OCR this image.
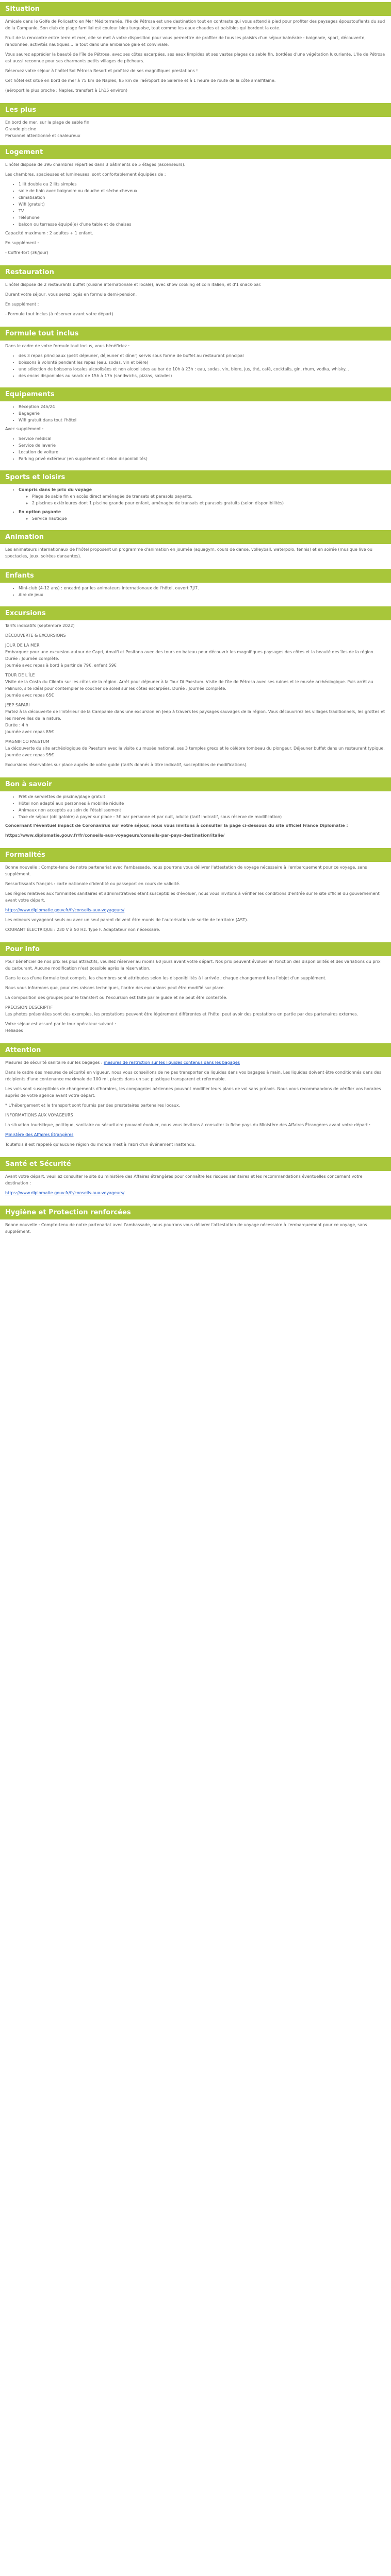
Situation

Amicale dans le Golfe de Policastro en Mer Méditerranée, l'Ile de Pétrosa est une destination tout en contraste qui vous attend à pied pour profiter des paysages époustouflants du sud de la Campanie. Son club de plage familial est couleur bleu turquoise, tout comme les eaux chaudes et paisibles qui bordent la cote.

Fruit de la rencontre entre terre et mer, elle se met à votre disposition pour vous permettre de profiter de tous les plaisirs d'un séjour balnéaire : baignade, sport, découverte, randonnée, activités nautiques... le tout dans une ambiance gaie et conviviale.

Vous saurez apprécier la beauté de l'île de Pétrosa, avec ses côtes escarpées, ses eaux limpides et ses vastes plages de sable fin, bordées d'une végétation luxuriante. L'Ile de Pétrosa est aussi reconnue pour ses charmants petits villages de pêcheurs.

Réservez votre séjour à l'hôtel Sol Pétrosa Resort et profitez de ses magnifiques prestations !

Cet hôtel est situé en bord de mer à 75 km de Naples, 85 km de l'aéroport de Salerne et à 1 heure de route de la côte amalfitaine.

(aéroport le plus proche : Naples, transfert à 1h15 environ)

Les plus
En bord de mer, sur la plage de sable fin
Grande piscine
Personnel attentionné et chaleureux
Logement

L'hôtel dispose de 396 chambres réparties dans 3 bâtiments de 5 étages (ascenseurs).

Les chambres, spacieuses et lumineuses, sont confortablement équipées de :

• 1 lit double ou 2 lits simples
• salle de bain avec baignoire ou douche et sèche-cheveux
• climatisation
• Wifi (gratuit)
• TV
• Téléphone
• balcon ou terrasse équipé(e) d'une table et de chaises

Capacité maximum : 2 adultes + 1 enfant.

En supplément :

- Coffre-fort (3€/jour)

Restauration

L'hôtel dispose de 2 restaurants buffet (cuisine internationale et locale), avec show cooking et coin italien, et d'1 snack-bar.

Durant votre séjour, vous serez logés en formule demi-pension.

En supplément :

- Formule tout inclus (à réserver avant votre départ)

Formule tout inclus

Dans le cadre de votre formule tout inclus, vous bénéficiez :

• des 3 repas principaux (petit déjeuner, déjeuner et dîner) servis sous forme de buffet au restaurant principal
• boissons à volonté pendant les repas (eau, sodas, vin et bière)
• une sélection de boissons locales alcoolisées et non alcoolisées au bar de 10h à 23h : eau, sodas, vin, bière, jus, thé, café, cocktails, gin, rhum, vodka, whisky...
• des encas disponibles au snack de 15h à 17h (sandwichs, pizzas, salades)
Equipements
• Réception 24h/24
• Bagagerie
• Wifi gratuit dans tout l'hôtel

Avec supplément :

• Service médical
• Service de laverie
• Location de voiture
• Parking privé extérieur (en supplément et selon disponibilités)
Sports et loisirs
• Compris dans le prix du voyage
◦ Plage de sable fin en accès direct aménagée de transats et parasols payants.
◦ 2 piscines extérieures dont 1 piscine grande pour enfant, aménagée de transats et parasols gratuits (selon disponibilités)
• En option payante
◦ Service nautique
Animation

Les animateurs internationaux de l'hôtel proposent un programme d'animation en journée (aquagym, cours de danse, volleyball, waterpolo, tennis) et en soirée (musique live ou spectacles, jeux, soirées dansantes).

Enfants
• Mini-club (4-12 ans) : encadré par les animateurs internationaux de l'hôtel, ouvert 7j/7.
• Aire de jeux
Excursions

Tarifs indicatifs (septembre 2022)

DÉCOUVERTE & EXCURSIONS

JOUR DE LA MER
Embarquez pour une excursion autour de Capri, Amalfi et Positano avec des tours en bateau pour découvrir les magnifiques paysages des côtes et la beauté des îles de la région.
Durée : Journée complète.
Journée avec repas à bord à partir de 79€, enfant 59€

TOUR DE L'ÎLE
Visite de la Costa du Cilento sur les côtes de la région. Arrêt pour déjeuner à la Tour Di Paestum. Visite de l'île de Pétrosa avec ses ruines et le musée archéologique. Puis arrêt au Palinuro, site idéal pour contempler le coucher de soleil sur les côtes escarpées. Durée : Journée complète.
Journée avec repas 65€

JEEP SAFARI
Partez à la découverte de l'intérieur de la Campanie dans une excursion en Jeep à travers les paysages sauvages de la région. Vous découvrirez les villages traditionnels, les grottes et les merveilles de la nature.
Durée : 4 h
Journée avec repas 85€

MAGNIFICO PAESTUM
La découverte du site archéologique de Paestum avec la visite du musée national, ses 3 temples grecs et le célèbre tombeau du plongeur. Déjeuner buffet dans un restaurant typique.
Journée avec repas 95€

Excursions réservables sur place auprès de votre guide (tarifs donnés à titre indicatif, susceptibles de modifications).

Bon à savoir
• Prêt de serviettes de piscine/plage gratuit
• Hôtel non adapté aux personnes à mobilité réduite
• Animaux non acceptés au sein de l'établissement
• Taxe de séjour (obligatoire) à payer sur place : 3€ par personne et par nuit, adulte (tarif indicatif, sous réserve de modification)

Concernant l'éventuel impact de Coronavirus sur votre séjour, nous vous invitons à consulter la page ci-dessous du site officiel France Diplomatie :

https://www.diplomatie.gouv.fr/fr/conseils-aux-voyageurs/conseils-par-pays-destination/italie/

Formalités

Bonne nouvelle : Compte-tenu de notre partenariat avec l'ambassade, nous pourrons vous délivrer l'attestation de voyage nécessaire à l'embarquement pour ce voyage, sans supplément.

Ressortissants français : carte nationale d'identité ou passeport en cours de validité.

Les règles relatives aux formalités sanitaires et administratives étant susceptibles d'évoluer, nous vous invitons à vérifier les conditions d'entrée sur le site officiel du gouvernement avant votre départ.

https://www.diplomatie.gouv.fr/fr/conseils-aux-voyageurs/

Les mineurs voyageant seuls ou avec un seul parent doivent être munis de l'autorisation de sortie de territoire (AST).

COURANT ÉLECTRIQUE : 230 V à 50 Hz. Type F. Adaptateur non nécessaire.

Pour info

Pour bénéficier de nos prix les plus attractifs, veuillez réserver au moins 60 jours avant votre départ. Nos prix peuvent évoluer en fonction des disponibilités et des variations du prix du carburant. Aucune modification n'est possible après la réservation.

Dans le cas d'une formule tout compris, les chambres sont attribuées selon les disponibilités à l'arrivée ; chaque changement fera l'objet d'un supplément.

Nous vous informons que, pour des raisons techniques, l'ordre des excursions peut être modifié sur place.

La composition des groupes pour le transfert ou l'excursion est faite par le guide et ne peut être contestée.

PRÉCISION DESCRIPTIF
Les photos présentées sont des exemples, les prestations peuvent être légèrement différentes et l'hôtel peut avoir des prestations en partie par des partenaires externes.

Votre séjour est assuré par le tour opérateur suivant :
Héliades

Attention

Mesures de sécurité sanitaire sur les bagages : mesures de restriction sur les liquides contenus dans les bagages

Dans le cadre des mesures de sécurité en vigueur, nous vous conseillons de ne pas transporter de liquides dans vos bagages à main. Les liquides doivent être conditionnés dans des récipients d'une contenance maximale de 100 ml, placés dans un sac plastique transparent et refermable.

Les vols sont susceptibles de changements d'horaires, les compagnies aériennes pouvant modifier leurs plans de vol sans préavis. Nous vous recommandons de vérifier vos horaires auprès de votre agence avant votre départ.

* L'hébergement et le transport sont fournis par des prestataires partenaires locaux.

INFORMATIONS AUX VOYAGEURS

La situation touristique, politique, sanitaire ou sécuritaire pouvant évoluer, nous vous invitons à consulter la fiche pays du Ministère des Affaires Étrangères avant votre départ :

Ministère des Affaires Étrangères

Toutefois il est rappelé qu'aucune région du monde n'est à l'abri d'un événement inattendu.

Santé et Sécurité

Avant votre départ, veuillez consulter le site du ministère des Affaires étrangères pour connaître les risques sanitaires et les recommandations éventuelles concernant votre destination :

https://www.diplomatie.gouv.fr/fr/conseils-aux-voyageurs/

Hygiène et Protection renforcées

Bonne nouvelle : Compte-tenu de notre partenariat avec l'ambassade, nous pourrons vous délivrer l'attestation de voyage nécessaire à l'embarquement pour ce voyage, sans supplément.
